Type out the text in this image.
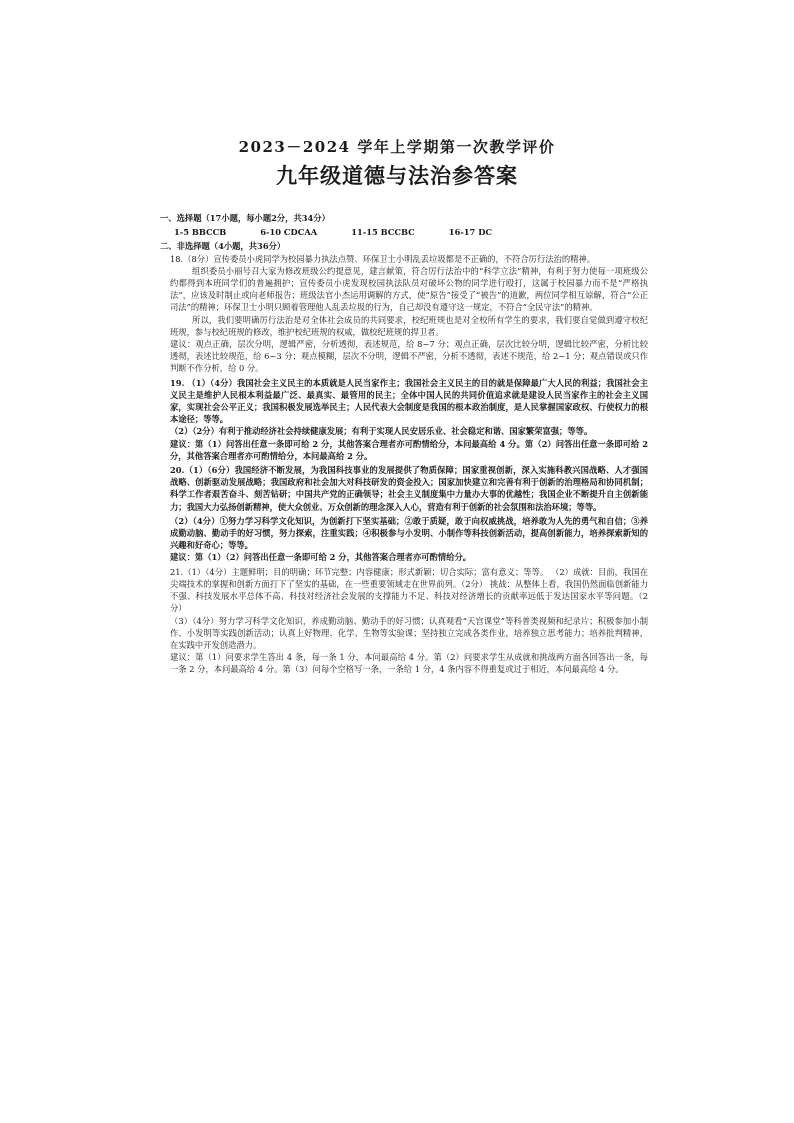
2023－2024 学年上学期第一次教学评价
九年级道德与法治参答案

一、选择题（17小题，每小题2分，共34分）

1-5 BBCCB	6-10 CDCAA	11-15 BCCBC	16-17 DC

二、非选择题（4小题，共36分）

18.（8分）宣传委员小虎同学为校园暴力执法点赞、环保卫士小明乱丢垃圾都是不正确的，不符合厉行法治的精神。

组织委员小丽号召大家为修改班级公约提意见，建言献策，符合厉行法治中的“科学立法”精神，有利于努力使每一项班级公约都得到本班同学们的普遍拥护；宣传委员小虎发现校园执法队员对破坏公物的同学进行殴打，这属于校园暴力而不是“严格执法”，应该及时制止或向老师报告；班级法官小杰运用调解的方式，使“原告”接受了“被告”的道歉，两位同学相互谅解，符合“公正司法”的精神；环保卫士小明只顾着管理他人乱丢垃圾的行为，自己却没有遵守这一规定，不符合“全民守法”的精神。

所以，我们要明确厉行法治是对全体社会成员的共同要求，校纪班规也是对全校所有学生的要求，我们要自觉做到遵守校纪班规，参与校纪班规的修改，维护校纪班规的权威，做校纪班规的捍卫者。

建议：观点正确，层次分明，逻辑严密，分析透彻，表述规范，给 8~7 分；观点正确，层次比较分明，逻辑比较严密，分析比较透彻，表述比较规范，给 6~3 分；观点模糊，层次不分明，逻辑不严密，分析不透彻，表述不规范，给 2~1 分；观点错误或只作判断不作分析，给 0 分。

19. （1）（4分）我国社会主义民主的本质就是人民当家作主；我国社会主义民主的目的就是保障最广大人民的利益；我国社会主义民主是维护人民根本利益最广泛、最真实、最管用的民主；全体中国人民的共同价值追求就是建设人民当家作主的社会主义国家，实现社会公平正义；我国积极发展选举民主；人民代表大会制度是我国的根本政治制度，是人民掌握国家政权、行使权力的根本途径；等等。

（2）（2分）有利于推动经济社会持续健康发展；有利于实现人民安居乐业、社会稳定和谐、国家繁荣富强；等等。

建议：第（1）问答出任意一条即可给 2 分，其他答案合理者亦可酌情给分，本问最高给 4 分。第（2）问答出任意一条即可给 2 分，其他答案合理者亦可酌情给分，本问最高给 2 分。

20.（1）（6分）我国经济不断发展，为我国科技事业的发展提供了物质保障；国家重视创新，深入实施科教兴国战略、人才强国战略、创新驱动发展战略；我国政府和社会加大对科技研发的资金投入；国家加快建立和完善有利于创新的治理格局和协同机制；科学工作者艰苦奋斗、刻苦钻研；中国共产党的正确领导；社会主义制度集中力量办大事的优越性；我国企业不断提升自主创新能力；我国大力弘扬创新精神，使大众创业、万众创新的理念深入人心，营造有利于创新的社会氛围和法治环境；等等。

（2）（4分）①努力学习科学文化知识，为创新打下坚实基础；②敢于质疑，敢于向权威挑战，培养敢为人先的勇气和自信；③养成勤动脑、勤动手的好习惯，努力探索，注重实践；④积极参与小发明、小制作等科技创新活动，提高创新能力，培养探索新知的兴趣和好奇心；等等。

建议：第（1）（2）问答出任意一条即可给 2 分，其他答案合理者亦可酌情给分。

21.（1）（4分）主题鲜明；目的明确；环节完整；内容健康；形式新颖；切合实际；富有意义；等等。 （2）成就：目前，我国在尖端技术的掌握和创新方面打下了坚实的基础，在一些重要领域走在世界前列。（2分） 挑战：从整体上看，我国仍然面临创新能力不强、科技发展水平总体不高、科技对经济社会发展的支撑能力不足、科技对经济增长的贡献率远低于发达国家水平等问题。（2分）

（3）（4分）努力学习科学文化知识，养成勤动脑、勤动手的好习惯；认真观看“天宫课堂”等科普类视频和纪录片；积极参加小制作、小发明等实践创新活动；认真上好物理、化学、生物等实验课；坚持独立完成各类作业，培养独立思考能力；培养批判精神，在实践中开发创造潜力。

建议：第（1）问要求学生答出 4 条，每一条 1 分，本问最高给 4 分。第（2）问要求学生从成就和挑战两方面各回答出一条，每一条 2 分，本问最高给 4 分。第（3）问每个空格写一条，一条给 1 分，4 条内容不得重复或过于相近，本问最高给 4 分。
